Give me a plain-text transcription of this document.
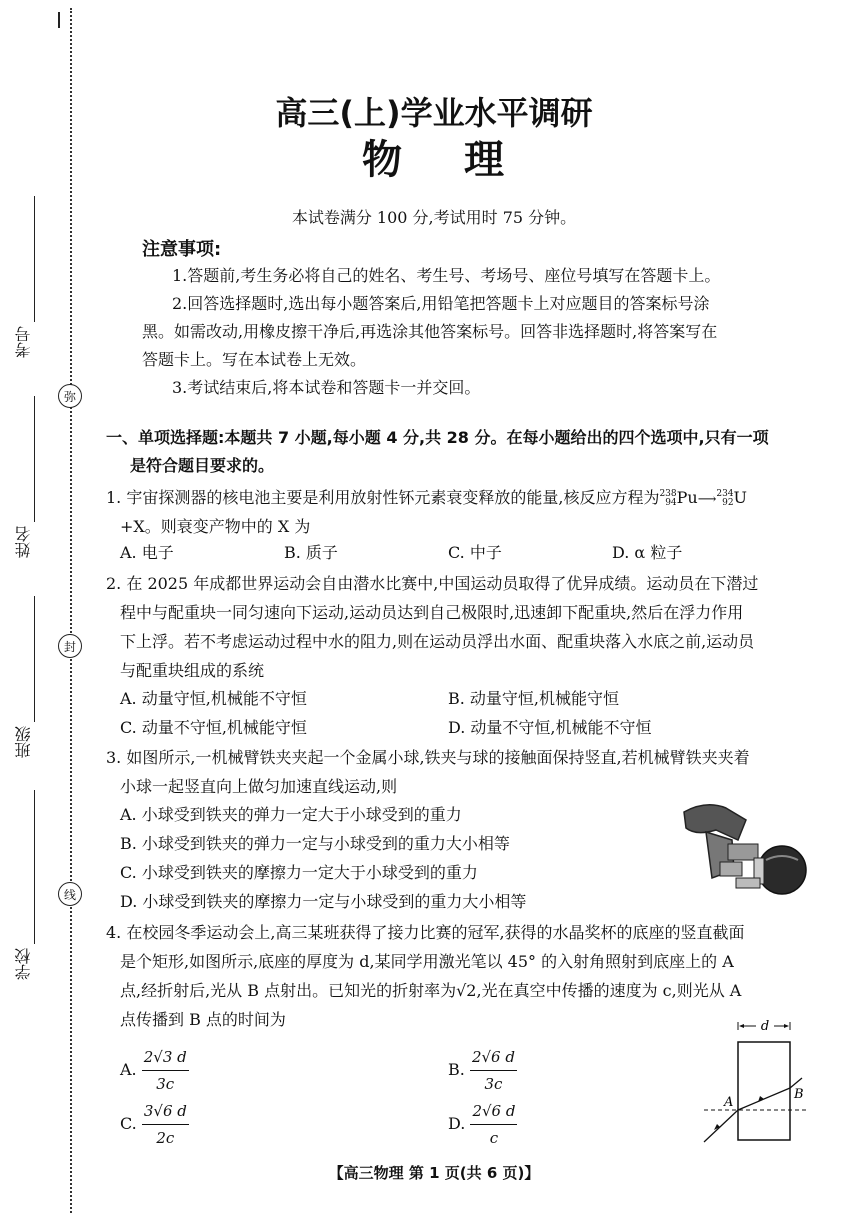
考号
姓名
班级
学校
弥
封
线
高三(上)学业水平调研
物 理
本试卷满分 100 分,考试用时 75 分钟。
注意事项:
1.答题前,考生务必将自己的姓名、考生号、考场号、座位号填写在答题卡上。
2.回答选择题时,选出每小题答案后,用铅笔把答题卡上对应题目的答案标号涂
黑。如需改动,用橡皮擦干净后,再选涂其他答案标号。回答非选择题时,将答案写在
答题卡上。写在本试卷上无效。
3.考试结束后,将本试卷和答题卡一并交回。
一、单项选择题:本题共 7 小题,每小题 4 分,共 28 分。在每小题给出的四个选项中,只有一项
是符合题目要求的。
1. 宇宙探测器的核电池主要是利用放射性钚元素衰变释放的能量,核反应方程为 238
94 Pu⟶ 234
92 U
+X。则衰变产物中的 X 为
A. 电子	B. 质子	C. 中子	D. α 粒子
2. 在 2025 年成都世界运动会自由潜水比赛中,中国运动员取得了优异成绩。运动员在下潜过
程中与配重块一同匀速向下运动,运动员达到自己极限时,迅速卸下配重块,然后在浮力作用
下上浮。若不考虑运动过程中水的阻力,则在运动员浮出水面、配重块落入水底之前,运动员
与配重块组成的系统
A. 动量守恒,机械能不守恒	B. 动量守恒,机械能守恒
C. 动量不守恒,机械能守恒	D. 动量不守恒,机械能不守恒
3. 如图所示,一机械臂铁夹夹起一个金属小球,铁夹与球的接触面保持竖直,若机械臂铁夹夹着
小球一起竖直向上做匀加速直线运动,则
A. 小球受到铁夹的弹力一定大于小球受到的重力
B. 小球受到铁夹的弹力一定与小球受到的重力大小相等
C. 小球受到铁夹的摩擦力一定大于小球受到的重力
D. 小球受到铁夹的摩擦力一定与小球受到的重力大小相等
4. 在校园冬季运动会上,高三某班获得了接力比赛的冠军,获得的水晶奖杯的底座的竖直截面
是个矩形,如图所示,底座的厚度为 d,某同学用激光笔以 45° 的入射角照射到底座上的 A
点,经折射后,光从 B 点射出。已知光的折射率为√2,光在真空中传播的速度为 c,则光从 A
点传播到 B 点的时间为
A. $\frac{2√3 d}{3c}$	B. $\frac{2√6 d}{3c}$
C. $\frac{3√6 d}{2c}$	D. $\frac{2√6 d}{c}$
d
A
B
【高三物理 第 1 页(共 6 页)】
